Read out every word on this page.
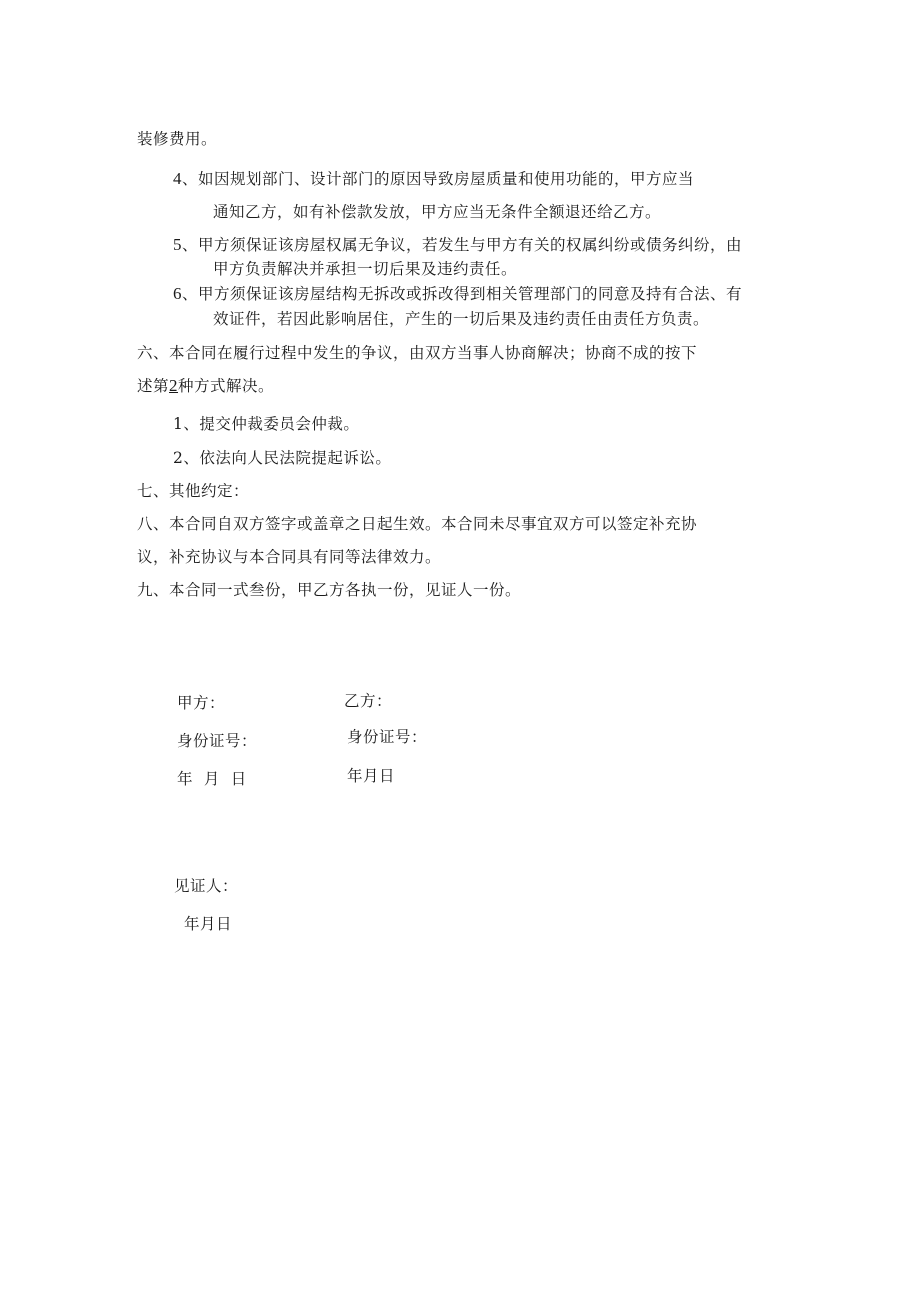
装修费用。
4、如因规划部门、设计部门的原因导致房屋质量和使用功能的，甲方应当
通知乙方，如有补偿款发放，甲方应当无条件全额退还给乙方。
5、甲方须保证该房屋权属无争议，若发生与甲方有关的权属纠纷或债务纠纷，由
甲方负责解决并承担一切后果及违约责任。
6、甲方须保证该房屋结构无拆改或拆改得到相关管理部门的同意及持有合法、有
效证件，若因此影响居住，产生的一切后果及违约责任由责任方负责。
六、本合同在履行过程中发生的争议，由双方当事人协商解决；协商不成的按下
述第2种方式解决。
1、提交仲裁委员会仲裁。
2、依法向人民法院提起诉讼。
七、其他约定：
八、本合同自双方签字或盖章之日起生效。本合同未尽事宜双方可以签定补充协
议，补充协议与本合同具有同等法律效力。
九、本合同一式叁份，甲乙方各执一份，见证人一份。
甲方：	乙方：
身份证号：	身份证号：
年  月  日	年月日
见证人：
年月日
